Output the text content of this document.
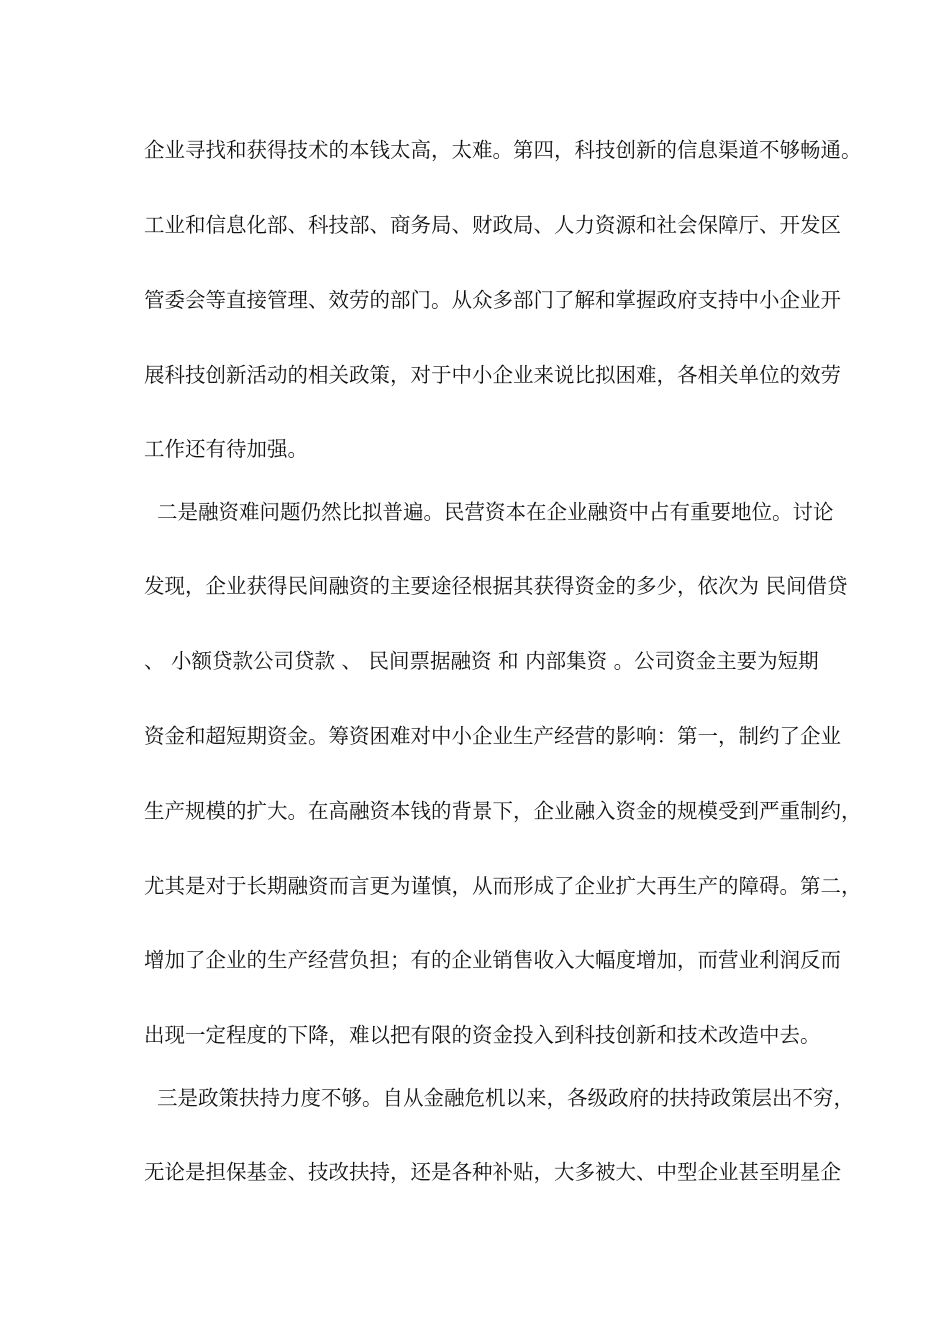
企业寻找和获得技术的本钱太高，太难。第四，科技创新的信息渠道不够畅通。
工业和信息化部、科技部、商务局、财政局、人力资源和社会保障厅、开发区
管委会等直接管理、效劳的部门。从众多部门了解和掌握政府支持中小企业开
展科技创新活动的相关政策，对于中小企业来说比拟困难，各相关单位的效劳
工作还有待加强。
二是融资难问题仍然比拟普遍。民营资本在企业融资中占有重要地位。讨论
发现，企业获得民间融资的主要途径根据其获得资金的多少，依次为 民间借贷
、 小额贷款公司贷款 、 民间票据融资 和 内部集资 。公司资金主要为短期
资金和超短期资金。筹资困难对中小企业生产经营的影响：第一，制约了企业
生产规模的扩大。在高融资本钱的背景下，企业融入资金的规模受到严重制约，
尤其是对于长期融资而言更为谨慎，从而形成了企业扩大再生产的障碍。第二，
增加了企业的生产经营负担；有的企业销售收入大幅度增加，而营业利润反而
出现一定程度的下降，难以把有限的资金投入到科技创新和技术改造中去。
三是政策扶持力度不够。自从金融危机以来，各级政府的扶持政策层出不穷，
无论是担保基金、技改扶持，还是各种补贴，大多被大、中型企业甚至明星企
